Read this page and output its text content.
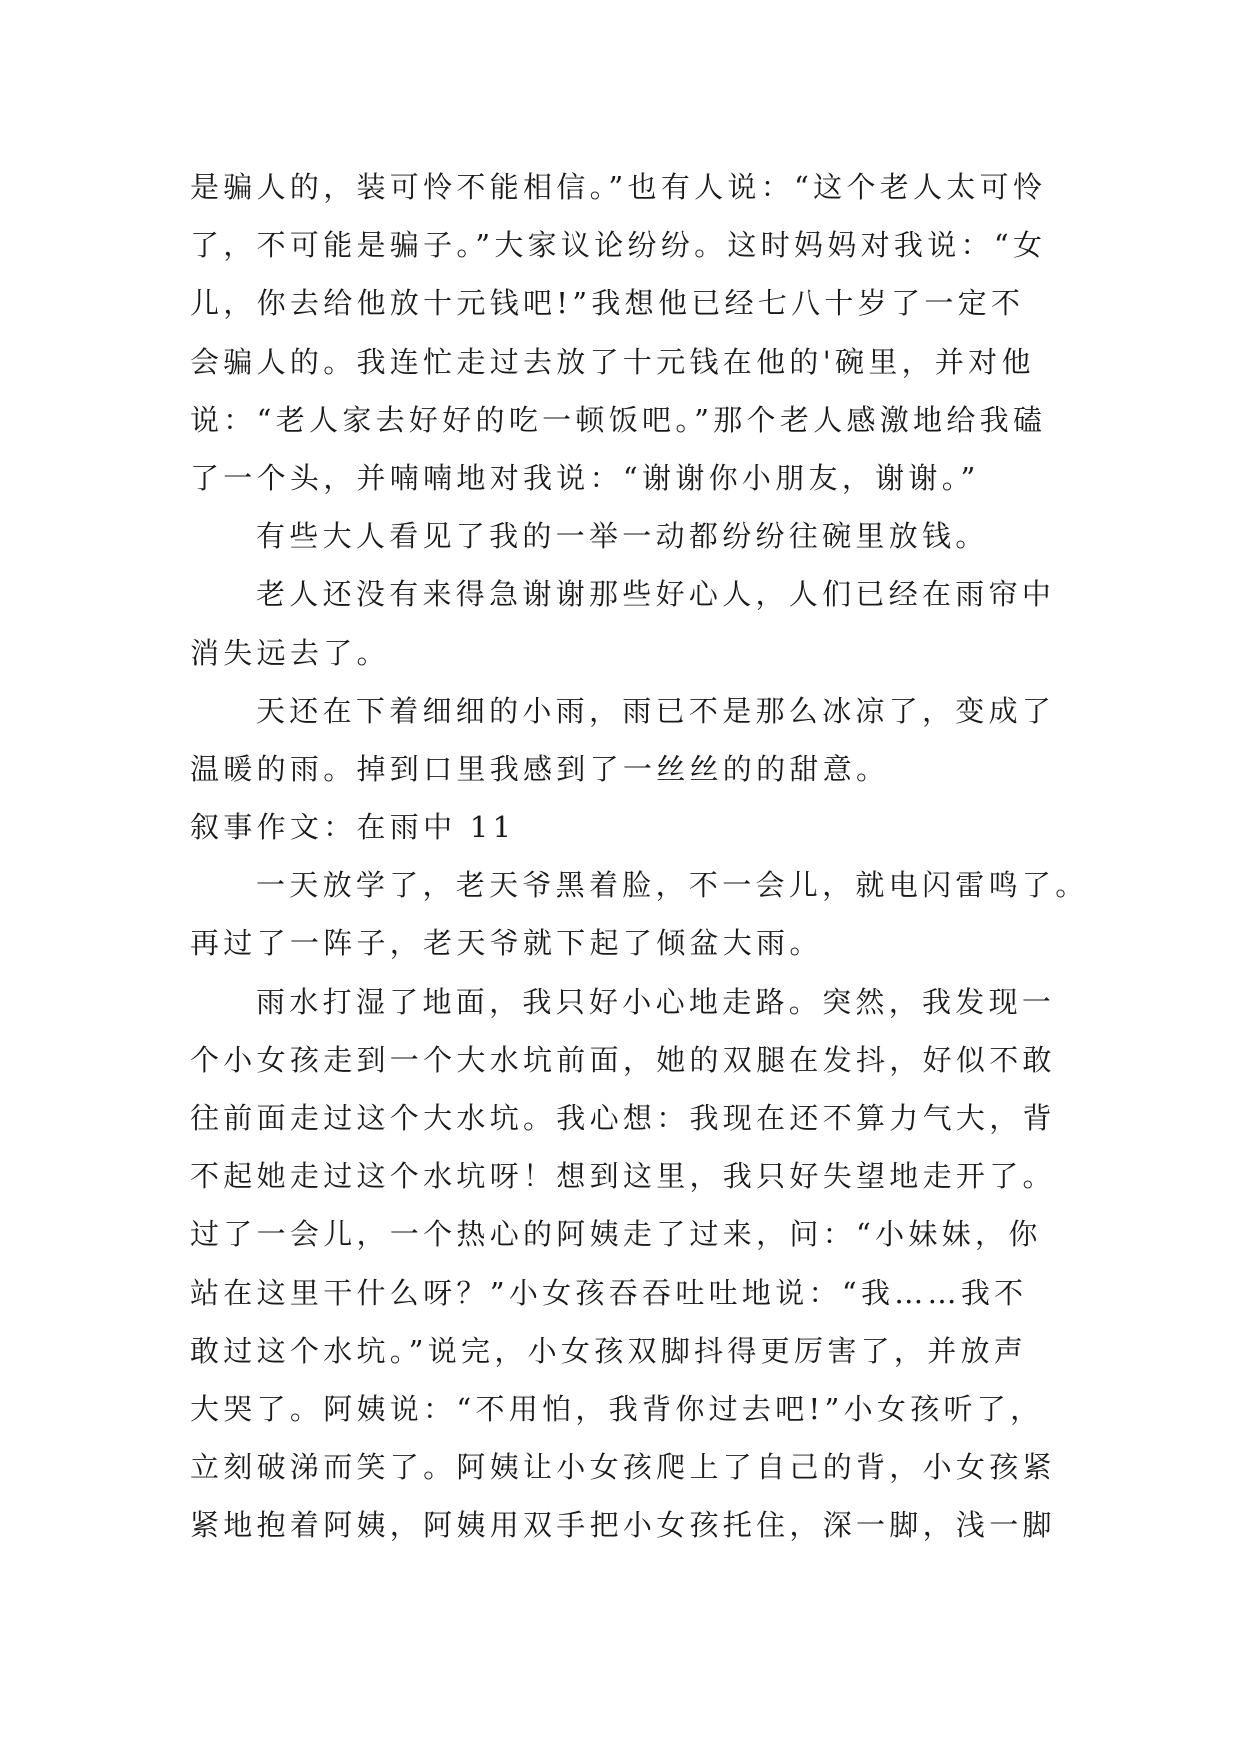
是骗人的，装可怜不能相信。”也有人说：“这个老人太可怜
了，不可能是骗子。”大家议论纷纷。这时妈妈对我说：“女
儿，你去给他放十元钱吧!”我想他已经七八十岁了一定不
会骗人的。我连忙走过去放了十元钱在他的'碗里，并对他
说：“老人家去好好的吃一顿饭吧。”那个老人感激地给我磕
了一个头，并喃喃地对我说：“谢谢你小朋友，谢谢。”
有些大人看见了我的一举一动都纷纷往碗里放钱。
老人还没有来得急谢谢那些好心人，人们已经在雨帘中
消失远去了。
天还在下着细细的小雨，雨已不是那么冰凉了，变成了
温暖的雨。掉到口里我感到了一丝丝的的甜意。
叙事作文：在雨中 11
一天放学了，老天爷黑着脸，不一会儿，就电闪雷鸣了。
再过了一阵子，老天爷就下起了倾盆大雨。
雨水打湿了地面，我只好小心地走路。突然，我发现一
个小女孩走到一个大水坑前面，她的双腿在发抖，好似不敢
往前面走过这个大水坑。我心想：我现在还不算力气大，背
不起她走过这个水坑呀！想到这里，我只好失望地走开了。
过了一会儿，一个热心的阿姨走了过来，问：“小妹妹，你
站在这里干什么呀？”小女孩吞吞吐吐地说：“我……我不
敢过这个水坑。”说完，小女孩双脚抖得更厉害了，并放声
大哭了。阿姨说：“不用怕，我背你过去吧!”小女孩听了，
立刻破涕而笑了。阿姨让小女孩爬上了自己的背，小女孩紧
紧地抱着阿姨，阿姨用双手把小女孩托住，深一脚，浅一脚
